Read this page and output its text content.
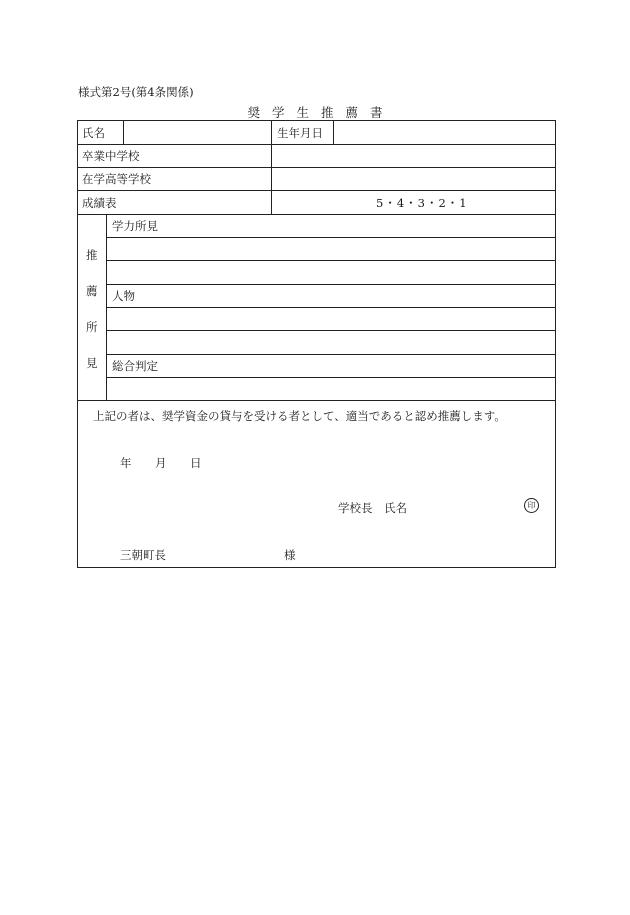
様式第2号(第4条関係)
奨 学 生 推 薦 書
氏名	生年月日
卒業中学校
在学高等学校
成績表	5・4・3・2・1
推
薦
所
見
学力所見
人物
総合判定
上記の者は、奨学資金の貸与を受ける者として、適当であると認め推薦します。
年 月 日
学校長　氏名	印
三朝町長	様
